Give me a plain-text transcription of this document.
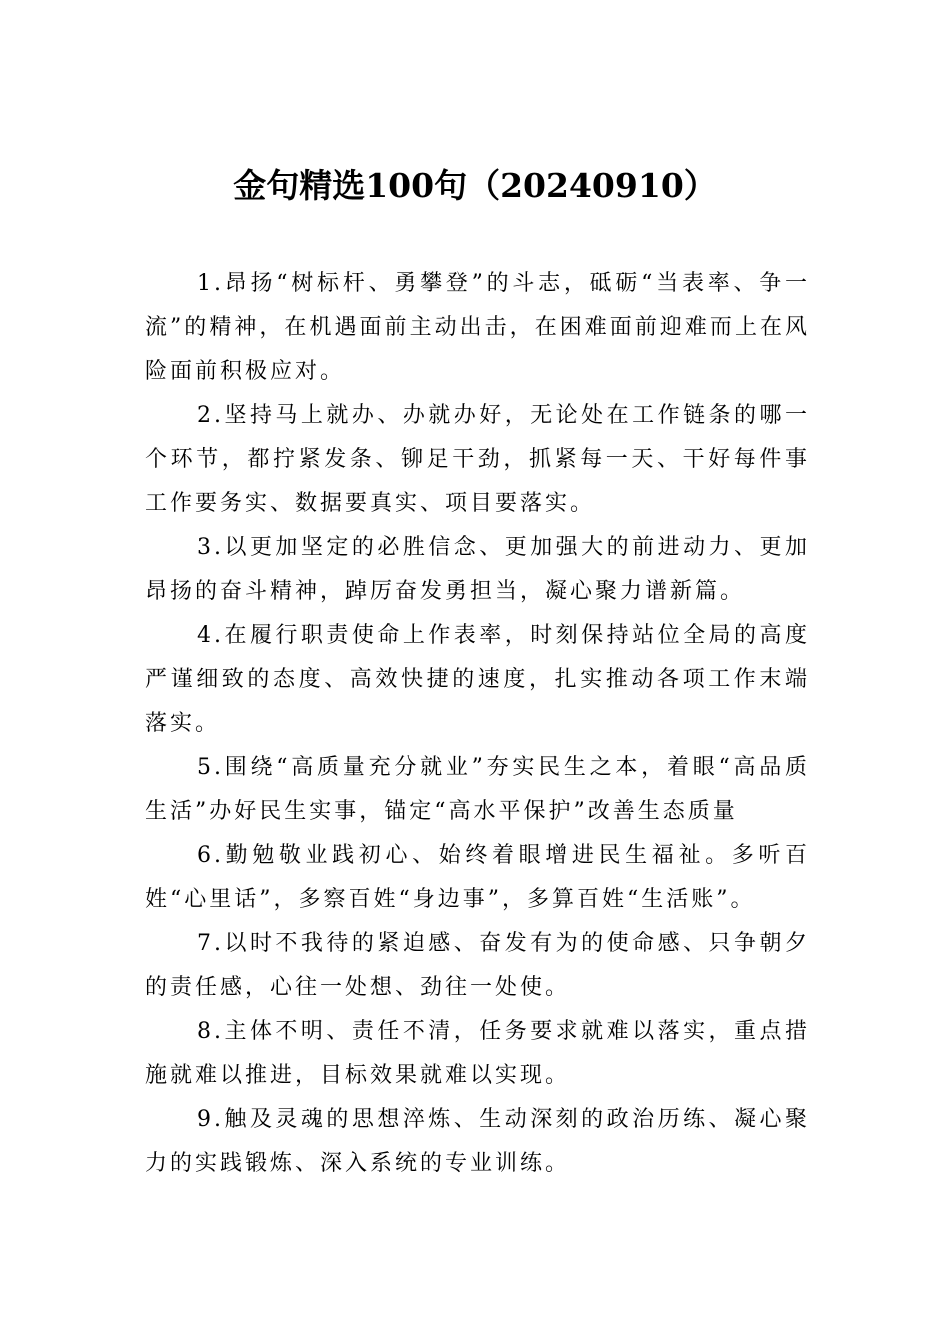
金句精选100句（20240910）

1.昂扬“树标杆、勇攀登”的斗志，砥砺“当表率、争一流”的精神，在机遇面前主动出击，在困难面前迎难而上在风险面前积极应对。

2.坚持马上就办、办就办好，无论处在工作链条的哪一个环节，都拧紧发条、铆足干劲，抓紧每一天、干好每件事工作要务实、数据要真实、项目要落实。

3.以更加坚定的必胜信念、更加强大的前进动力、更加昂扬的奋斗精神，踔厉奋发勇担当，凝心聚力谱新篇。

4.在履行职责使命上作表率，时刻保持站位全局的高度严谨细致的态度、高效快捷的速度，扎实推动各项工作末端落实。

5.围绕“高质量充分就业”夯实民生之本，着眼“高品质生活”办好民生实事，锚定“高水平保护”改善生态质量

6.勤勉敬业践初心、始终着眼增进民生福祉。多听百姓“心里话”，多察百姓“身边事”，多算百姓“生活账”。

7.以时不我待的紧迫感、奋发有为的使命感、只争朝夕的责任感，心往一处想、劲往一处使。

8.主体不明、责任不清，任务要求就难以落实，重点措施就难以推进，目标效果就难以实现。

9.触及灵魂的思想淬炼、生动深刻的政治历练、凝心聚力的实践锻炼、深入系统的专业训练。
